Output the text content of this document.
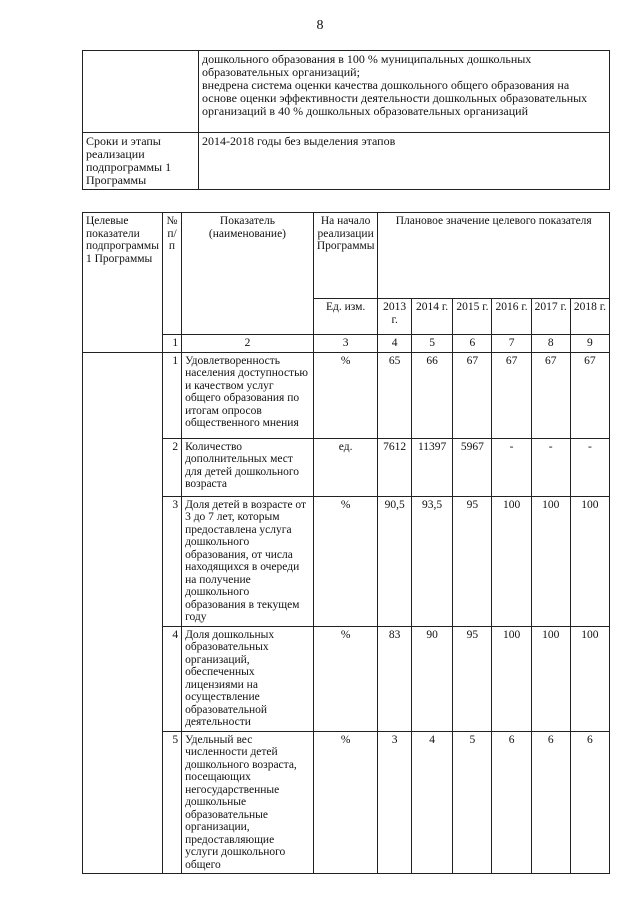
8

	дошкольного образования в 100 % муниципальных дошкольных образовательных организаций;

внедрена система оценки качества дошкольного общего образования на основе оценки эффективности деятельности дошкольных образовательных организаций в 40 % дошкольных образовательных организаций

Сроки и этапы реализации подпрограммы 1 Программы	2014-2018 годы без выделения этапов
Целевые показатели подпрограммы 1 Программы	№ п/п	Показатель (наименование)	На начало реализации Программы	Плановое значение целевого показателя					
			Ед. изм.	2013 г.	2014 г.	2015 г.	2016 г.	2017 г.	2018 г.
	1	2	3	4	5	6	7	8	9
	1	Удовлетворенность населения доступностью и качеством услуг общего образования по итогам опросов общественного мнения	%	65	66	67	67	67	67
	2	Количество дополнительных мест для детей дошкольного возраста	ед.	7612	11397	5967	-	-	-
	3	Доля детей в возрасте от 3 до 7 лет, которым предоставлена услуга дошкольного образования, от числа находящихся в очереди на получение дошкольного образования в текущем году	%	90,5	93,5	95	100	100	100
	4	Доля дошкольных образовательных организаций, обеспеченных лицензиями на осуществление образовательной деятельности	%	83	90	95	100	100	100
	5	Удельный вес численности детей дошкольного возраста, посещающих негосударственные дошкольные образовательные организации, предоставляющие услуги дошкольного общего	%	3	4	5	6	6	6
